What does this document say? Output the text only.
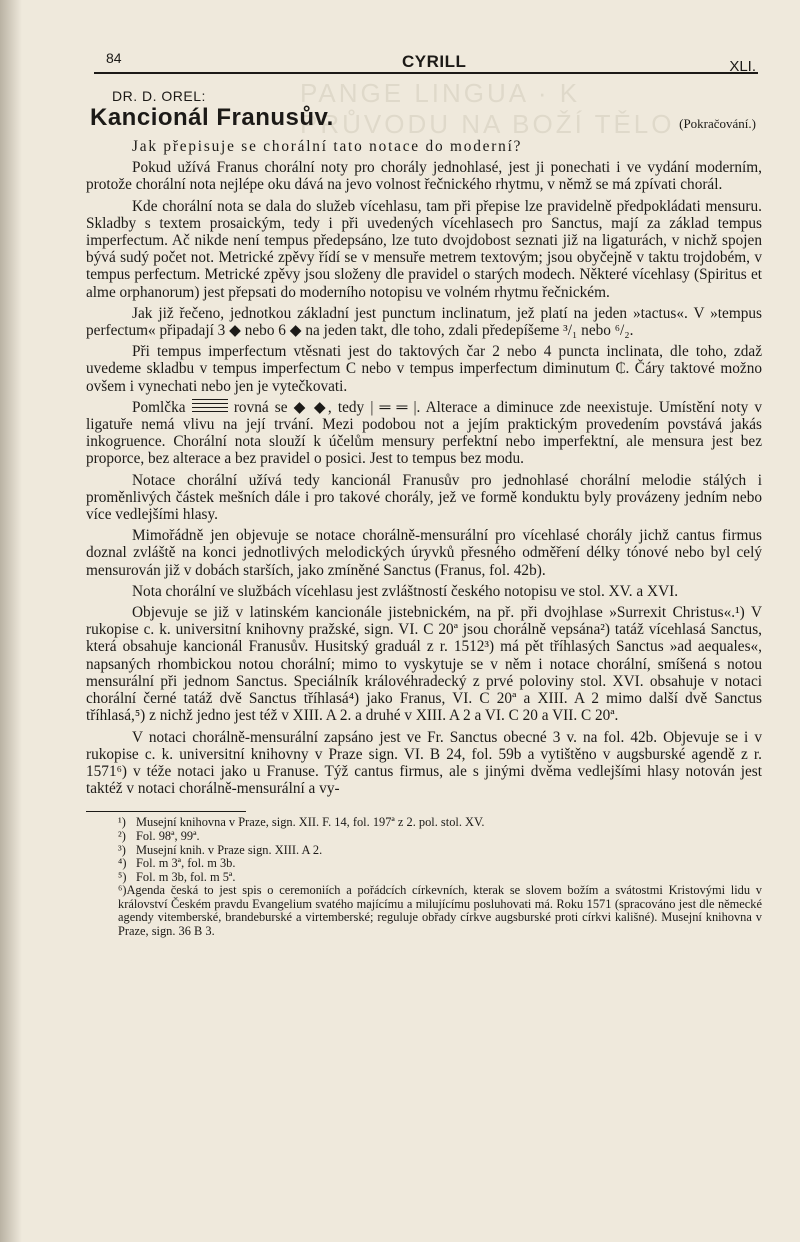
PANGE LINGUA · K PRŮVODU NA BOŽÍ TĚLO
84	CYRILL	XLI.
DR. D. OREL:
Kancionál Franusův.	(Pokračování.)

Jak přepisuje se chorální tato notace do moderní?

Pokud užívá Franus chorální noty pro chorály jednohlasé, jest ji ponechati i ve vydání moderním, protože chorální nota nejlépe oku dává na jevo volnost řečnického rhytmu, v němž se má zpívati chorál.

Kde chorální nota se dala do služeb vícehlasu, tam při přepise lze pravidelně předpokládati mensuru. Skladby s textem prosaickým, tedy i při uvedených vícehlasech pro Sanctus, mají za základ tempus imperfectum. Ač nikde není tempus předepsáno, lze tuto dvojdobost seznati již na ligaturách, v nichž spojen bývá sudý počet not. Metrické zpěvy řídí se v mensuře metrem textovým; jsou obyčejně v taktu trojdobém, v tempus perfectum. Metrické zpěvy jsou složeny dle pravidel o starých modech. Některé vícehlasy (Spiritus et alme orphanorum) jest přepsati do moderního notopisu ve volném rhytmu řečnickém.

Jak již řečeno, jednotkou základní jest punctum inclinatum, jež platí na jeden »tactus«. V »tempus perfectum« připadají 3 ◆ nebo 6 ◆ na jeden takt, dle toho, zdali předepíšeme ³/₁ nebo ⁶/₂.

Při tempus imperfectum vtěsnati jest do taktových čar 2 nebo 4 puncta inclinata, dle toho, zdaž uvedeme skladbu v tempus imperfectum C nebo v tempus imperfectum diminutum ₵. Čáry taktové možno ovšem i vynechati nebo jen je vytečkovati.

Pomlčka	rovná se ◆ ◆, tedy | ═ ═ |. Alterace a diminuce zde neexistuje. Umístění noty v ligatuře nemá vlivu na její trvání. Mezi podobou not a jejím praktickým provedením povstává jakás inkogruence. Chorální nota slouží k účelům mensury perfektní nebo imperfektní, ale mensura jest bez proporce, bez alterace a bez pravidel o posici. Jest to tempus bez modu.

Notace chorální užívá tedy kancionál Franusův pro jednohlasé chorální melodie stálých i proměnlivých částek mešních dále i pro takové chorály, jež ve formě konduktu byly provázeny jedním nebo více vedlejšími hlasy.

Mimořádně jen objevuje se notace chorálně-mensurální pro vícehlasé chorály jichž cantus firmus doznal zvláště na konci jednotlivých melodických úryvků přesného odměření délky tónové nebo byl celý mensurován již v dobách starších, jako zmíněné Sanctus (Franus, fol. 42b).

Nota chorální ve službách vícehlasu jest zvláštností českého notopisu ve stol. XV. a XVI.

Objevuje se již v latinském kancionále jistebnickém, na př. při dvojhlase »Surrexit Christus«.¹) V rukopise c. k. universitní knihovny pražské, sign. VI. C 20ª jsou chorálně vepsána²) tatáž vícehlasá Sanctus, která obsahuje kancionál Franusův. Husitský graduál z r. 1512³) má pět tříhlasých Sanctus »ad aequales«, napsaných rhombickou notou chorální; mimo to vyskytuje se v něm i notace chorální, smíšená s notou mensurální při jednom Sanctus. Speciálník královéhradecký z prvé poloviny stol. XVI. obsahuje v notaci chorální černé tatáž dvě Sanctus tříhlasá⁴) jako Franus, VI. C 20ª a XIII. A 2 mimo další dvě Sanctus tříhlasá,⁵) z nichž jedno jest též v XIII. A 2. a druhé v XIII. A 2 a VI. C 20 a VII. C 20ª.

V notaci chorálně-mensurální zapsáno jest ve Fr. Sanctus obecné 3 v. na fol. 42b. Objevuje se i v rukopise c. k. universitní knihovny v Praze sign. VI. B 24, fol. 59b a vytištěno v augsburské agendě z r. 1571⁶) v téže notaci jako u Franuse. Týž cantus firmus, ale s jinými dvěma vedlejšími hlasy notován jest taktéž v notaci chorálně-mensurální a vy-

¹) Musejní knihovna v Praze, sign. XII. F. 14, fol. 197ª z 2. pol. stol. XV.

²) Fol. 98ª, 99ª.

³) Musejní knih. v Praze sign. XIII. A 2.

⁴) Fol. m 3ª, fol. m 3b.

⁵) Fol. m 3b, fol. m 5ª.

⁶)Agenda česká to jest spis o ceremoniích a pořádcích církevních, kterak se slovem božím a svátostmi Kristovými lidu v království Českém pravdu Evangelium svatého majícímu a milujícímu posluhovati má. Roku 1571 (spracováno jest dle německé agendy vitemberské, brandeburské a virtemberské; reguluje obřady církve augsburské proti církvi kališné). Musejní knihovna v Praze, sign. 36 B 3.
